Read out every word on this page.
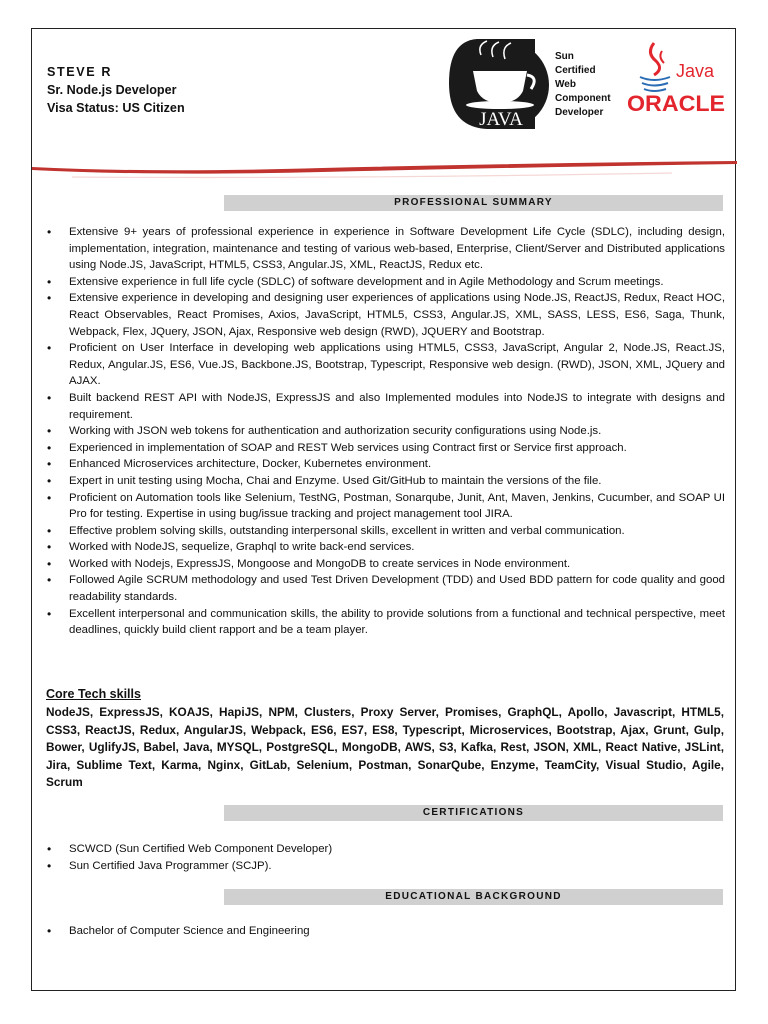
STEVE R
Sr. Node.js Developer
Visa Status: US Citizen
JAVA
Sun
Certified
Web
Component
Developer
Java
ORACLE
PROFESSIONAL SUMMARY
• Extensive 9+ years of professional experience in experience in Software Development Life Cycle (SDLC), including design, implementation, integration, maintenance and testing of various web-based, Enterprise, Client/Server and Distributed applications using Node.JS, JavaScript, HTML5, CSS3, Angular.JS, XML, ReactJS, Redux etc.
• Extensive experience in full life cycle (SDLC) of software development and in Agile Methodology and Scrum meetings.
• Extensive experience in developing and designing user experiences of applications using Node.JS, ReactJS, Redux, React HOC, React Observables, React Promises, Axios, JavaScript, HTML5, CSS3, Angular.JS, XML, SASS, LESS, ES6, Saga, Thunk, Webpack, Flex, JQuery, JSON, Ajax, Responsive web design (RWD), JQUERY and Bootstrap.
• Proficient on User Interface in developing web applications using HTML5, CSS3, JavaScript, Angular 2, Node.JS, React.JS, Redux, Angular.JS, ES6, Vue.JS, Backbone.JS, Bootstrap, Typescript, Responsive web design. (RWD), JSON, XML, JQuery and AJAX.
• Built backend REST API with NodeJS, ExpressJS and also Implemented modules into NodeJS to integrate with designs and requirement.
• Working with JSON web tokens for authentication and authorization security configurations using Node.js.
• Experienced in implementation of SOAP and REST Web services using Contract first or Service first approach.
• Enhanced Microservices architecture, Docker, Kubernetes environment.
• Expert in unit testing using Mocha, Chai and Enzyme. Used Git/GitHub to maintain the versions of the file.
• Proficient on Automation tools like Selenium, TestNG, Postman, Sonarqube, Junit, Ant, Maven, Jenkins, Cucumber, and SOAP UI Pro for testing. Expertise in using bug/issue tracking and project management tool JIRA.
• Effective problem solving skills, outstanding interpersonal skills, excellent in written and verbal communication.
• Worked with NodeJS, sequelize, Graphql to write back-end services.
• Worked with Nodejs, ExpressJS, Mongoose and MongoDB to create services in Node environment.
• Followed Agile SCRUM methodology and used Test Driven Development (TDD) and Used BDD pattern for code quality and good readability standards.
• Excellent interpersonal and communication skills, the ability to provide solutions from a functional and technical perspective, meet deadlines, quickly build client rapport and be a team player.
Core Tech skills
NodeJS, ExpressJS, KOAJS, HapiJS, NPM, Clusters, Proxy Server, Promises, GraphQL, Apollo, Javascript, HTML5, CSS3, ReactJS, Redux, AngularJS, Webpack, ES6, ES7, ES8, Typescript, Microservices, Bootstrap, Ajax, Grunt, Gulp, Bower, UglifyJS, Babel, Java, MYSQL, PostgreSQL, MongoDB, AWS, S3, Kafka, Rest, JSON, XML, React Native, JSLint, Jira, Sublime Text, Karma, Nginx, GitLab, Selenium, Postman, SonarQube, Enzyme, TeamCity, Visual Studio, Agile, Scrum
CERTIFICATIONS
• SCWCD (Sun Certified Web Component Developer)
• Sun Certified Java Programmer (SCJP).
EDUCATIONAL BACKGROUND
• Bachelor of Computer Science and Engineering
